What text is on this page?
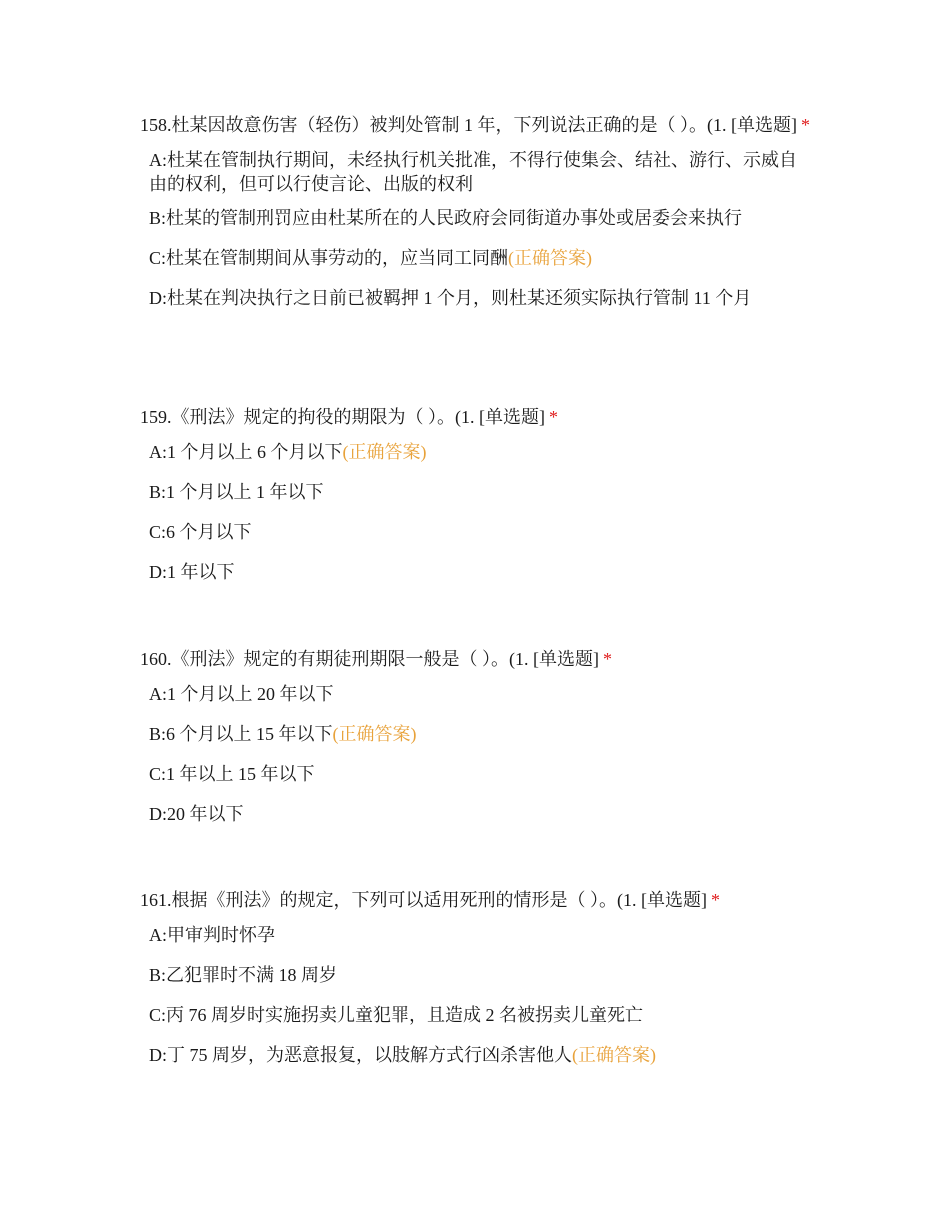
158.杜某因故意伤害（轻伤）被判处管制 1 年，下列说法正确的是（ ）。(1. [单选题] *

A:杜某在管制执行期间，未经执行机关批准，不得行使集会、结社、游行、示威自由的权利，但可以行使言论、出版的权利
B:杜某的管制刑罚应由杜某所在的人民政府会同街道办事处或居委会来执行
C:杜某在管制期间从事劳动的，应当同工同酬(正确答案)
D:杜某在判决执行之日前已被羁押 1 个月，则杜某还须实际执行管制 11 个月

159.《刑法》规定的拘役的期限为（ ）。(1. [单选题] *

A:1 个月以上 6 个月以下(正确答案)
B:1 个月以上 1 年以下
C:6 个月以下
D:1 年以下

160.《刑法》规定的有期徒刑期限一般是（ ）。(1. [单选题] *

A:1 个月以上 20 年以下
B:6 个月以上 15 年以下(正确答案)
C:1 年以上 15 年以下
D:20 年以下

161.根据《刑法》的规定，下列可以适用死刑的情形是（ ）。(1. [单选题] *

A:甲审判时怀孕
B:乙犯罪时不满 18 周岁
C:丙 76 周岁时实施拐卖儿童犯罪，且造成 2 名被拐卖儿童死亡
D:丁 75 周岁，为恶意报复，以肢解方式行凶杀害他人(正确答案)
